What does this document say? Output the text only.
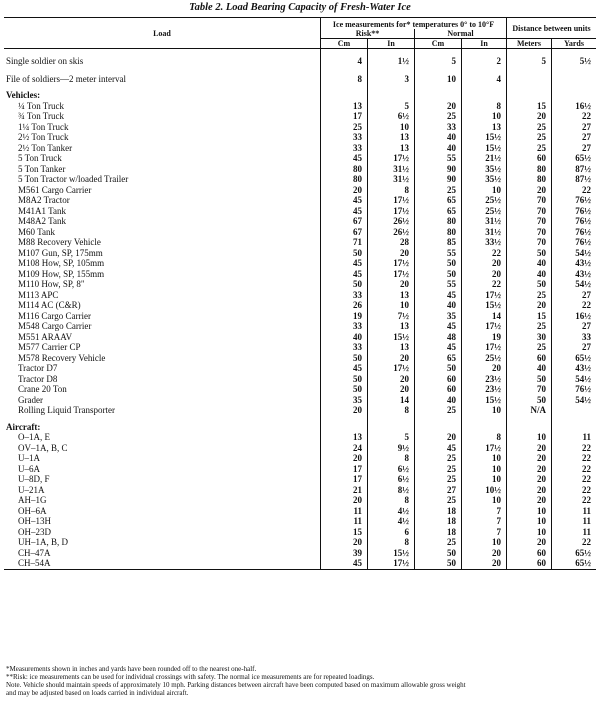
Table 2. Load Bearing Capacity of Fresh-Water Ice
Load	Ice measurements for* temperatures 0° to 10°F				Distance between units	
	Risk**		Normal			
	Cm	In	Cm	In	Meters	Yards
Single soldier on skis	4	1½	5	2	5	5½
File of soldiers—2 meter interval	8	3	10	4		
Vehicles:						
¼ Ton Truck	13	5	20	8	15	16½
¾ Ton Truck	17	6½	25	10	20	22
1¼ Ton Truck	25	10	33	13	25	27
2½ Ton Truck	33	13	40	15½	25	27
2½ Ton Tanker	33	13	40	15½	25	27
5 Ton Truck	45	17½	55	21½	60	65½
5 Ton Tanker	80	31½	90	35½	80	87½
5 Ton Tractor w/loaded Trailer	80	31½	90	35½	80	87½
M561 Cargo Carrier	20	8	25	10	20	22
M8A2 Tractor	45	17½	65	25½	70	76½
M41A1 Tank	45	17½	65	25½	70	76½
M48A2 Tank	67	26½	80	31½	70	76½
M60 Tank	67	26½	80	31½	70	76½
M88 Recovery Vehicle	71	28	85	33½	70	76½
M107 Gun, SP, 175mm	50	20	55	22	50	54½
M108 How, SP, 105mm	45	17½	50	20	40	43½
M109 How, SP, 155mm	45	17½	50	20	40	43½
M110 How, SP, 8"	50	20	55	22	50	54½
M113 APC	33	13	45	17½	25	27
M114 AC (C&R)	26	10	40	15½	20	22
M116 Cargo Carrier	19	7½	35	14	15	16½
M548 Cargo Carrier	33	13	45	17½	25	27
M551 ARAAV	40	15½	48	19	30	33
M577 Carrier CP	33	13	45	17½	25	27
M578 Recovery Vehicle	50	20	65	25½	60	65½
Tractor D7	45	17½	50	20	40	43½
Tractor D8	50	20	60	23½	50	54½
Crane 20 Ton	50	20	60	23½	70	76½
Grader	35	14	40	15½	50	54½
Rolling Liquid Transporter	20	8	25	10	N/A	
Aircraft:						
O–1A, E	13	5	20	8	10	11
OV–1A, B, C	24	9½	45	17½	20	22
U–1A	20	8	25	10	20	22
U–6A	17	6½	25	10	20	22
U–8D, F	17	6½	25	10	20	22
U–21A	21	8½	27	10½	20	22
AH–1G	20	8	25	10	20	22
OH–6A	11	4½	18	7	10	11
OH–13H	11	4½	18	7	10	11
OH–23D	15	6	18	7	10	11
UH–1A, B, D	20	8	25	10	20	22
CH–47A	39	15½	50	20	60	65½
CH–54A	45	17½	50	20	60	65½

*Measurements shown in inches and yards have been rounded off to the nearest one-half.
**Risk: ice measurements can be used for individual crossings with safety. The normal ice measurements are for repeated loadings.
Note. Vehicle should maintain speeds of approximately 10 mph. Parking distances between aircraft have been computed based on maximum allowable gross weight
and may be adjusted based on loads carried in individual aircraft.
